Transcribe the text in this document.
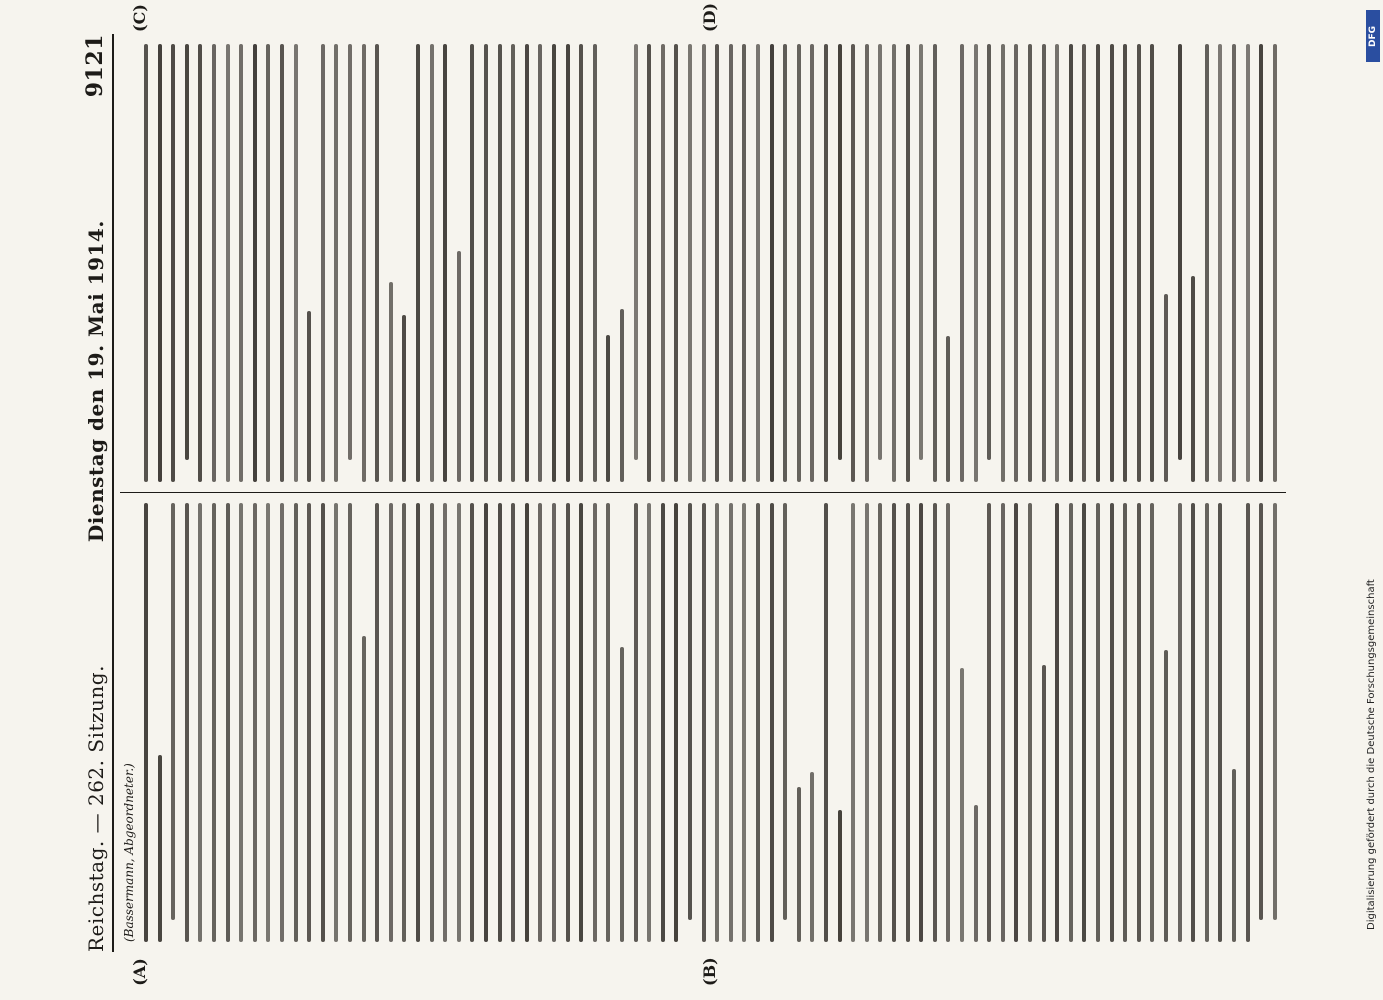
Reichstag. — 262. Sitzung.
Dienstag den 19. Mai 1914.
9121
(Bassermann, Abgeordneter.)
(A)	(B)
(C)	(D)
DFG
Digitalisierung gefördert durch die Deutsche Forschungsgemeinschaft
